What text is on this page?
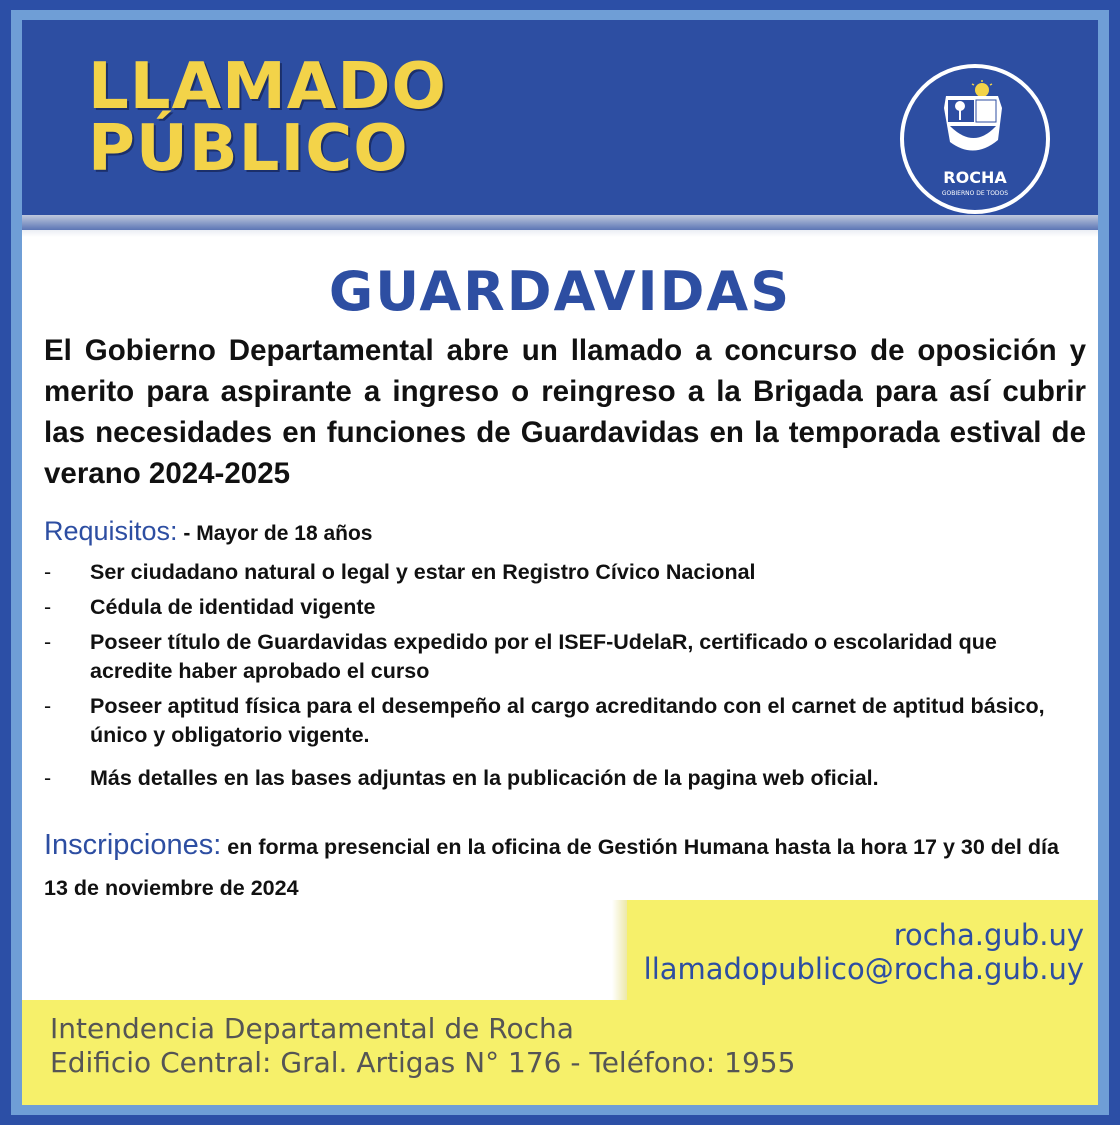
LLAMADO
PÚBLICO	ROCHA
GOBIERNO DE TODOS
GUARDAVIDAS
El Gobierno Departamental abre un llamado a concurso de oposición y merito para aspirante a ingreso o reingreso a la Brigada para así cubrir las necesidades en funciones de Guardavidas en la temporada estival de verano 2024-2025
Requisitos: - Mayor de 18 años
- Ser ciudadano natural o legal y estar en Registro Cívico Nacional
- Cédula de identidad vigente
- Poseer título de Guardavidas expedido por el ISEF-UdelaR, certificado o escolaridad que acredite haber aprobado el curso
- Poseer aptitud física para el desempeño al cargo acreditando con el carnet de aptitud básico, único y obligatorio vigente.
- Más detalles en las bases adjuntas en la publicación de la pagina web oficial.
Inscripciones: en forma presencial en la oficina de Gestión Humana hasta la hora 17 y 30 del día 13 de noviembre de 2024
rocha.gub.uy
llamadopublico@rocha.gub.uy
Intendencia Departamental de Rocha
Edificio Central: Gral. Artigas N° 176 - Teléfono: 1955
